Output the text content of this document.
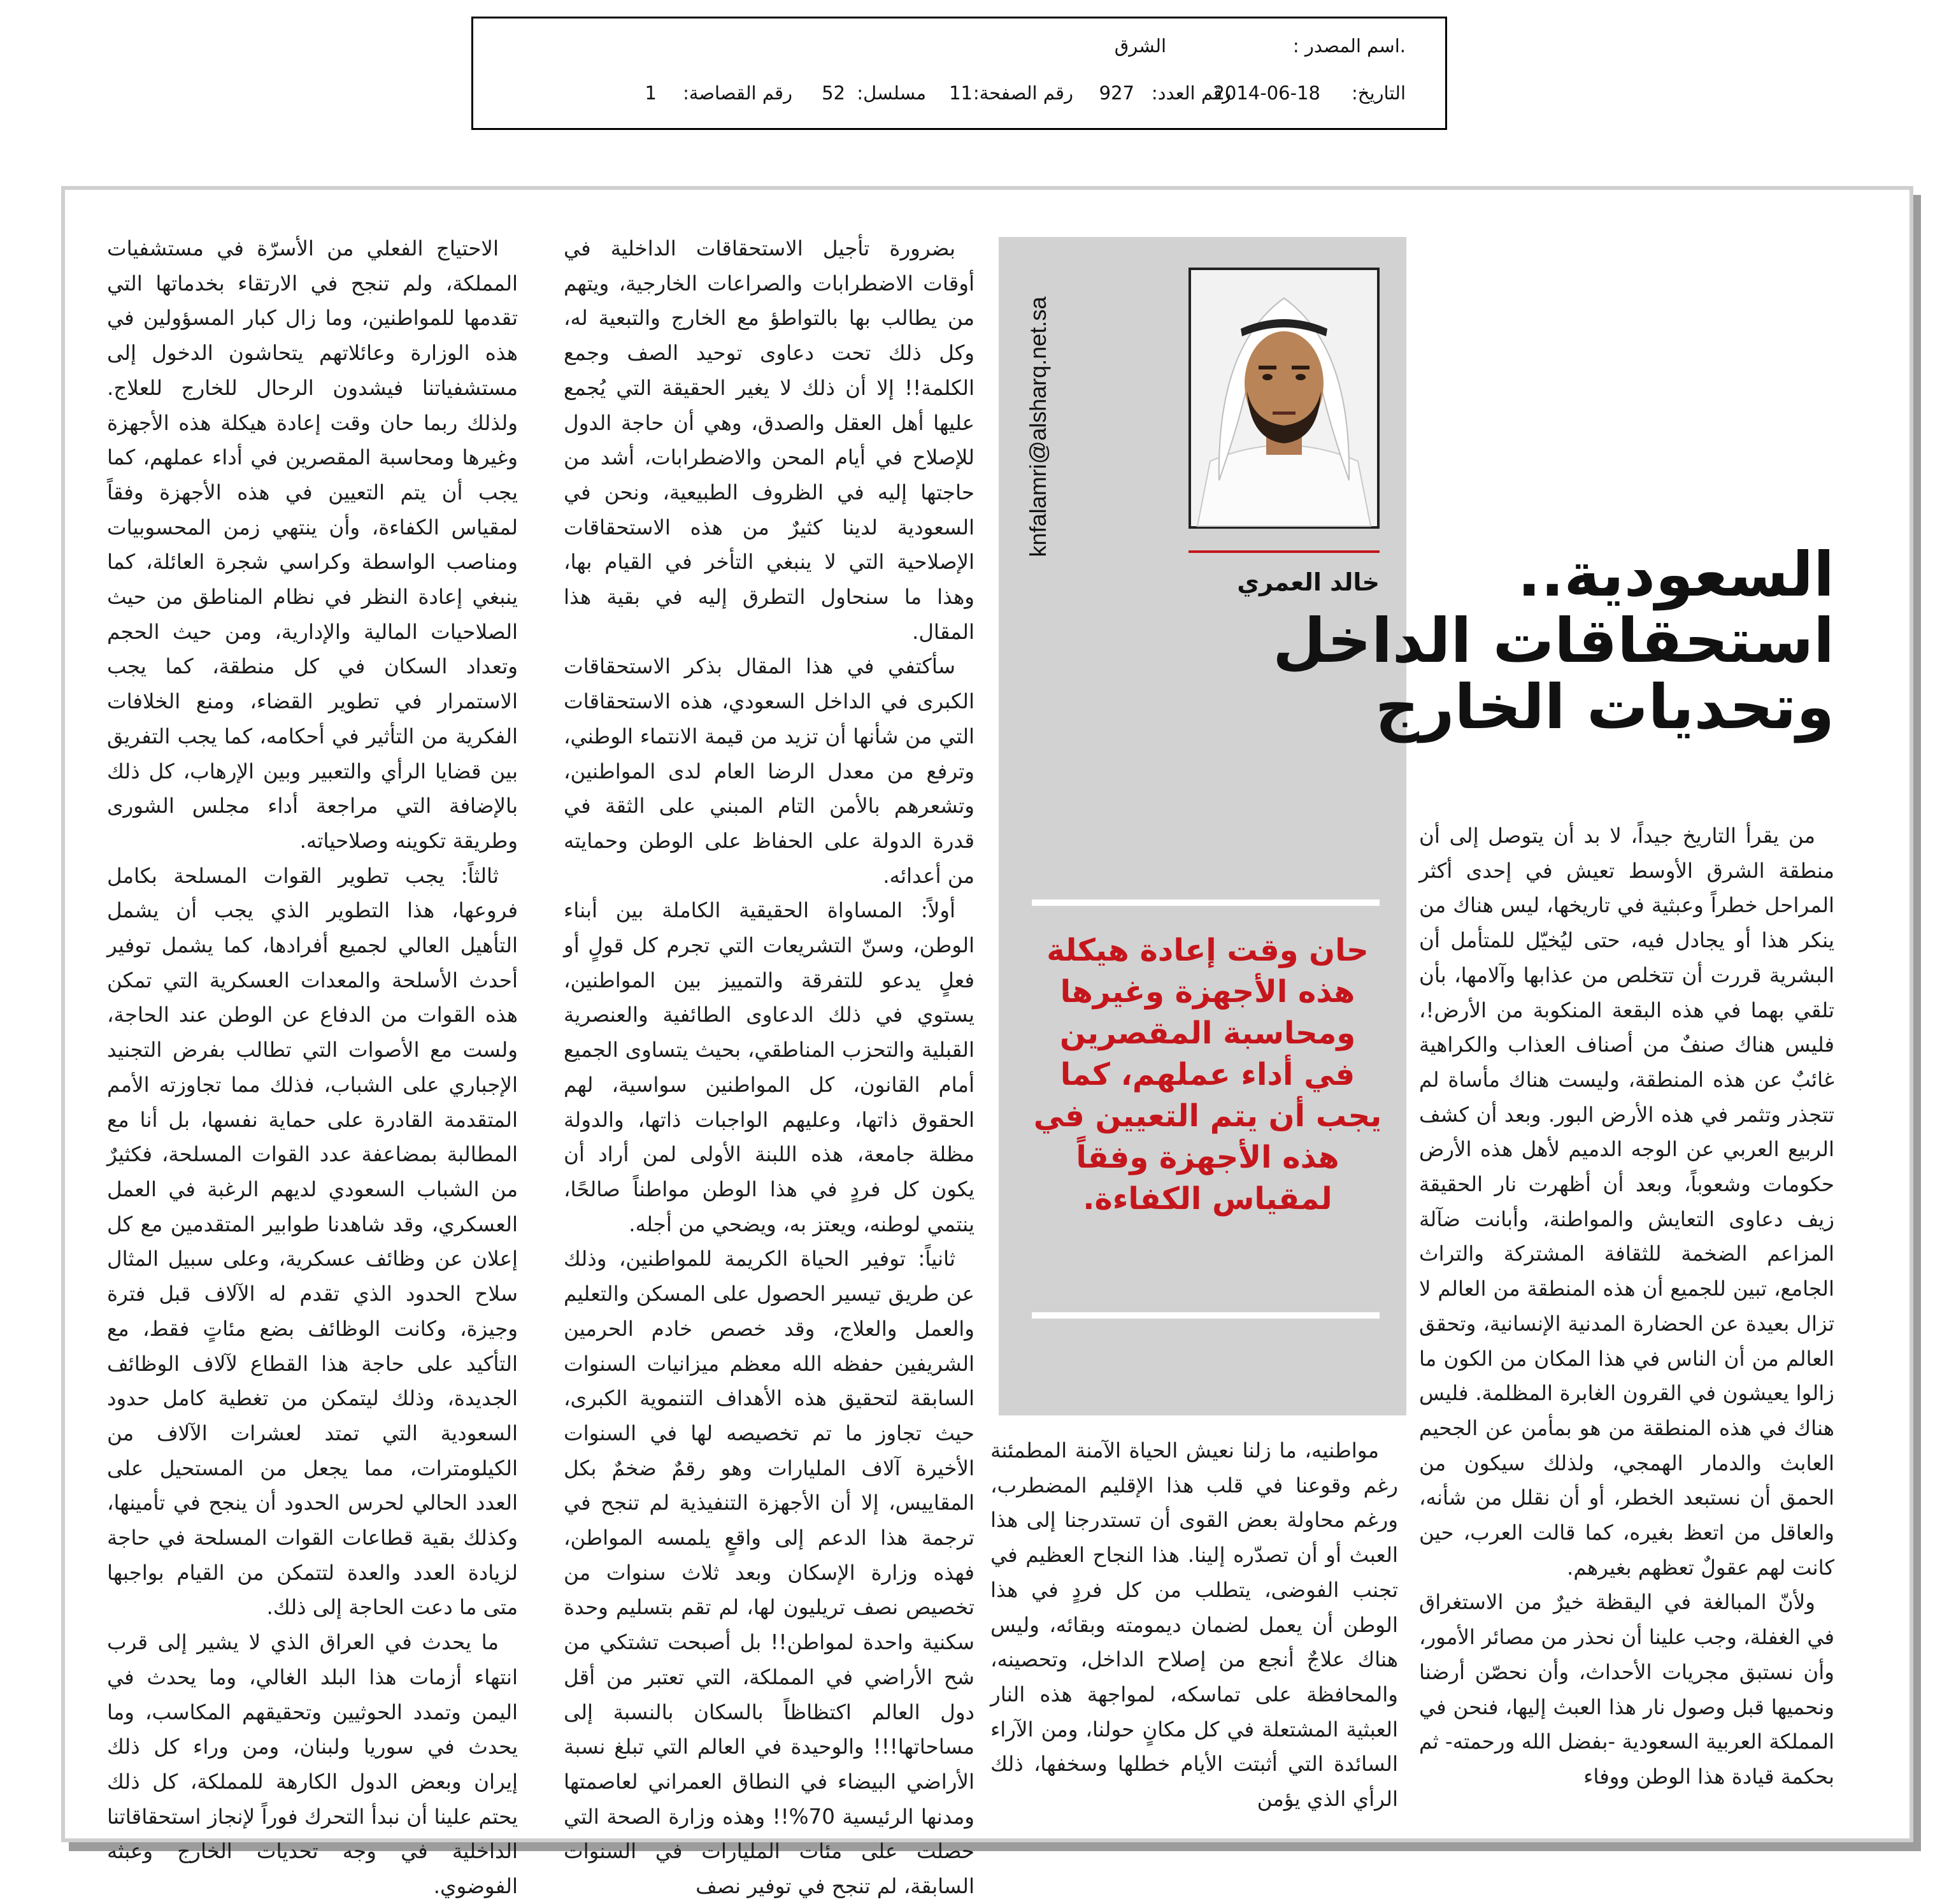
.اسم المصدر :
الشرق
التاريخ:
2014-06-18
رقم العدد:
927
رقم الصفحة:
11
مسلسل:
52
رقم القصاصة:
1
خالد العمري
knfalamri@alsharq.net.sa
حان وقت إعادة هيكلة هذه الأجهزة وغيرها ومحاسبة المقصرين في أداء عملهم، كما يجب أن يتم التعيين في هذه الأجهزة وفقاً لمقياس الكفاءة.
السعودية..
استحقاقات الداخل
وتحديات الخارج

من يقرأ التاريخ جيداً، لا بد أن يتوصل إلى أن منطقة الشرق الأوسط تعيش في إحدى أكثر المراحل خطراً وعبثية في تاريخها، ليس هناك من ينكر هذا أو يجادل فيه، حتى ليُخيّل للمتأمل أن البشرية قررت أن تتخلص من عذابها وآلامها، بأن تلقي بهما في هذه البقعة المنكوبة من الأرض!، فليس هناك صنفٌ من أصناف العذاب والكراهية غائبٌ عن هذه المنطقة، وليست هناك مأساة لم تتجذر وتثمر في هذه الأرض البور. وبعد أن كشف الربيع العربي عن الوجه الدميم لأهل هذه الأرض حكومات وشعوباً، وبعد أن أظهرت نار الحقيقة زيف دعاوى التعايش والمواطنة، وأبانت ضآلة المزاعم الضخمة للثقافة المشتركة والتراث الجامع، تبين للجميع أن هذه المنطقة من العالم لا تزال بعيدة عن الحضارة المدنية الإنسانية، وتحقق العالم من أن الناس في هذا المكان من الكون ما زالوا يعيشون في القرون الغابرة المظلمة. فليس هناك في هذه المنطقة من هو بمأمن عن الجحيم العابث والدمار الهمجي، ولذلك سيكون من الحمق أن نستبعد الخطر، أو أن نقلل من شأنه، والعاقل من اتعظ بغيره، كما قالت العرب، حين كانت لهم عقولٌ تعظهم بغيرهم.

ولأنّ المبالغة في اليقظة خيرٌ من الاستغراق في الغفلة، وجب علينا أن نحذر من مصائر الأمور، وأن نستبق مجريات الأحداث، وأن نحصّن أرضنا ونحميها قبل وصول نار هذا العبث إليها، فنحن في المملكة العربية السعودية -بفضل الله ورحمته- ثم بحكمة قيادة هذا الوطن ووفاء

مواطنيه، ما زلنا نعيش الحياة الآمنة المطمئنة رغم وقوعنا في قلب هذا الإقليم المضطرب، ورغم محاولة بعض القوى أن تستدرجنا إلى هذا العبث أو أن تصدّره إلينا. هذا النجاح العظيم في تجنب الفوضى، يتطلب من كل فردٍ في هذا الوطن أن يعمل لضمان ديمومته وبقائه، وليس هناك علاجٌ أنجع من إصلاح الداخل، وتحصينه، والمحافظة على تماسكه، لمواجهة هذه النار العبثية المشتعلة في كل مكانٍ حولنا، ومن الآراء السائدة التي أثبتت الأيام خطلها وسخفها، ذلك الرأي الذي يؤمن

بضرورة تأجيل الاستحقاقات الداخلية في أوقات الاضطرابات والصراعات الخارجية، ويتهم من يطالب بها بالتواطؤ مع الخارج والتبعية له، وكل ذلك تحت دعاوى توحيد الصف وجمع الكلمة!! إلا أن ذلك لا يغير الحقيقة التي يُجمع عليها أهل العقل والصدق، وهي أن حاجة الدول للإصلاح في أيام المحن والاضطرابات، أشد من حاجتها إليه في الظروف الطبيعية، ونحن في السعودية لدينا كثيرٌ من هذه الاستحقاقات الإصلاحية التي لا ينبغي التأخر في القيام بها، وهذا ما سنحاول التطرق إليه في بقية هذا المقال.

سأكتفي في هذا المقال بذكر الاستحقاقات الكبرى في الداخل السعودي، هذه الاستحقاقات التي من شأنها أن تزيد من قيمة الانتماء الوطني، وترفع من معدل الرضا العام لدى المواطنين، وتشعرهم بالأمن التام المبني على الثقة في قدرة الدولة على الحفاظ على الوطن وحمايته من أعدائه.

أولاً: المساواة الحقيقية الكاملة بين أبناء الوطن، وسنّ التشريعات التي تجرم كل قولٍ أو فعلٍ يدعو للتفرقة والتمييز بين المواطنين، يستوي في ذلك الدعاوى الطائفية والعنصرية القبلية والتحزب المناطقي، بحيث يتساوى الجميع أمام القانون، كل المواطنين سواسية، لهم الحقوق ذاتها، وعليهم الواجبات ذاتها، والدولة مظلة جامعة، هذه اللبنة الأولى لمن أراد أن يكون كل فردٍ في هذا الوطن مواطناً صالحًا، ينتمي لوطنه، ويعتز به، ويضحي من أجله.

ثانياً: توفير الحياة الكريمة للمواطنين، وذلك عن طريق تيسير الحصول على المسكن والتعليم والعمل والعلاج، وقد خصص خادم الحرمين الشريفين حفظه الله معظم ميزانيات السنوات السابقة لتحقيق هذه الأهداف التنموية الكبرى، حيث تجاوز ما تم تخصيصه لها في السنوات الأخيرة آلاف المليارات وهو رقمٌ ضخمٌ بكل المقاييس، إلا أن الأجهزة التنفيذية لم تنجح في ترجمة هذا الدعم إلى واقعٍ يلمسه المواطن، فهذه وزارة الإسكان وبعد ثلاث سنوات من تخصيص نصف تريليون لها، لم تقم بتسليم وحدة سكنية واحدة لمواطن!! بل أصبحت تشتكي من شح الأراضي في المملكة، التي تعتبر من أقل دول العالم اكتظاظاً بالسكان بالنسبة إلى مساحاتها!!! والوحيدة في العالم التي تبلغ نسبة الأراضي البيضاء في النطاق العمراني لعاصمتها ومدنها الرئيسية 70%!! وهذه وزارة الصحة التي حصلت على مئات المليارات في السنوات السابقة، لم تنجح في توفير نصف

الاحتياج الفعلي من الأسرّة في مستشفيات المملكة، ولم تنجح في الارتقاء بخدماتها التي تقدمها للمواطنين، وما زال كبار المسؤولين في هذه الوزارة وعائلاتهم يتحاشون الدخول إلى مستشفياتنا فيشدون الرحال للخارج للعلاج. ولذلك ربما حان وقت إعادة هيكلة هذه الأجهزة وغيرها ومحاسبة المقصرين في أداء عملهم، كما يجب أن يتم التعيين في هذه الأجهزة وفقاً لمقياس الكفاءة، وأن ينتهي زمن المحسوبيات ومناصب الواسطة وكراسي شجرة العائلة، كما ينبغي إعادة النظر في نظام المناطق من حيث الصلاحيات المالية والإدارية، ومن حيث الحجم وتعداد السكان في كل منطقة، كما يجب الاستمرار في تطوير القضاء، ومنع الخلافات الفكرية من التأثير في أحكامه، كما يجب التفريق بين قضايا الرأي والتعبير وبين الإرهاب، كل ذلك بالإضافة التي مراجعة أداء مجلس الشورى وطريقة تكوينه وصلاحياته.

ثالثاً: يجب تطوير القوات المسلحة بكامل فروعها، هذا التطوير الذي يجب أن يشمل التأهيل العالي لجميع أفرادها، كما يشمل توفير أحدث الأسلحة والمعدات العسكرية التي تمكن هذه القوات من الدفاع عن الوطن عند الحاجة، ولست مع الأصوات التي تطالب بفرض التجنيد الإجباري على الشباب، فذلك مما تجاوزته الأمم المتقدمة القادرة على حماية نفسها، بل أنا مع المطالبة بمضاعفة عدد القوات المسلحة، فكثيرٌ من الشباب السعودي لديهم الرغبة في العمل العسكري، وقد شاهدنا طوابير المتقدمين مع كل إعلان عن وظائف عسكرية، وعلى سبيل المثال سلاح الحدود الذي تقدم له الآلاف قبل فترة وجيزة، وكانت الوظائف بضع مئاتٍ فقط، مع التأكيد على حاجة هذا القطاع لآلاف الوظائف الجديدة، وذلك ليتمكن من تغطية كامل حدود السعودية التي تمتد لعشرات الآلاف من الكيلومترات، مما يجعل من المستحيل على العدد الحالي لحرس الحدود أن ينجح في تأمينها، وكذلك بقية قطاعات القوات المسلحة في حاجة لزيادة العدد والعدة لتتمكن من القيام بواجبها متى ما دعت الحاجة إلى ذلك.

ما يحدث في العراق الذي لا يشير إلى قرب انتهاء أزمات هذا البلد الغالي، وما يحدث في اليمن وتمدد الحوثيين وتحقيقهم المكاسب، وما يحدث في سوريا ولبنان، ومن وراء كل ذلك إيران وبعض الدول الكارهة للمملكة، كل ذلك يحتم علينا أن نبدأ التحرك فوراً لإنجاز استحقاقاتنا الداخلية في وجه تحديات الخارج وعبثه الفوضوي.
